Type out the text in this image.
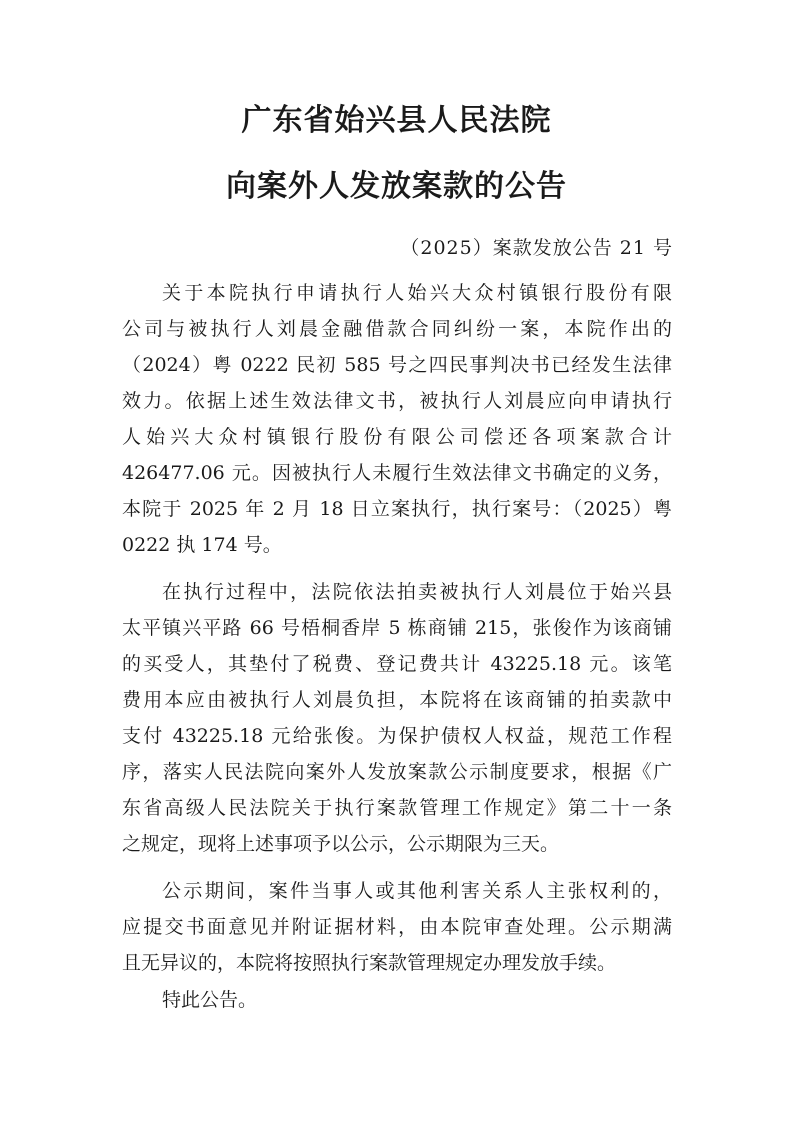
广东省始兴县人民法院
向案外人发放案款的公告
（2025）案款发放公告 21 号
关于本院执行申请执行人始兴大众村镇银行股份有限
公司与被执行人刘晨金融借款合同纠纷一案，本院作出的
（2024）粤 0222 民初 585 号之四民事判决书已经发生法律
效力。依据上述生效法律文书，被执行人刘晨应向申请执行
人始兴大众村镇银行股份有限公司偿还各项案款合计
426477.06 元。因被执行人未履行生效法律文书确定的义务，
本院于 2025 年 2 月 18 日立案执行，执行案号：（2025）粤
0222 执 174 号。
在执行过程中，法院依法拍卖被执行人刘晨位于始兴县
太平镇兴平路 66 号梧桐香岸 5 栋商铺 215，张俊作为该商铺
的买受人，其垫付了税费、登记费共计 43225.18 元。该笔
费用本应由被执行人刘晨负担，本院将在该商铺的拍卖款中
支付 43225.18 元给张俊。为保护债权人权益，规范工作程
序，落实人民法院向案外人发放案款公示制度要求，根据《广
东省高级人民法院关于执行案款管理工作规定》第二十一条
之规定，现将上述事项予以公示，公示期限为三天。
公示期间，案件当事人或其他利害关系人主张权利的，
应提交书面意见并附证据材料，由本院审查处理。公示期满
且无异议的，本院将按照执行案款管理规定办理发放手续。
特此公告。
